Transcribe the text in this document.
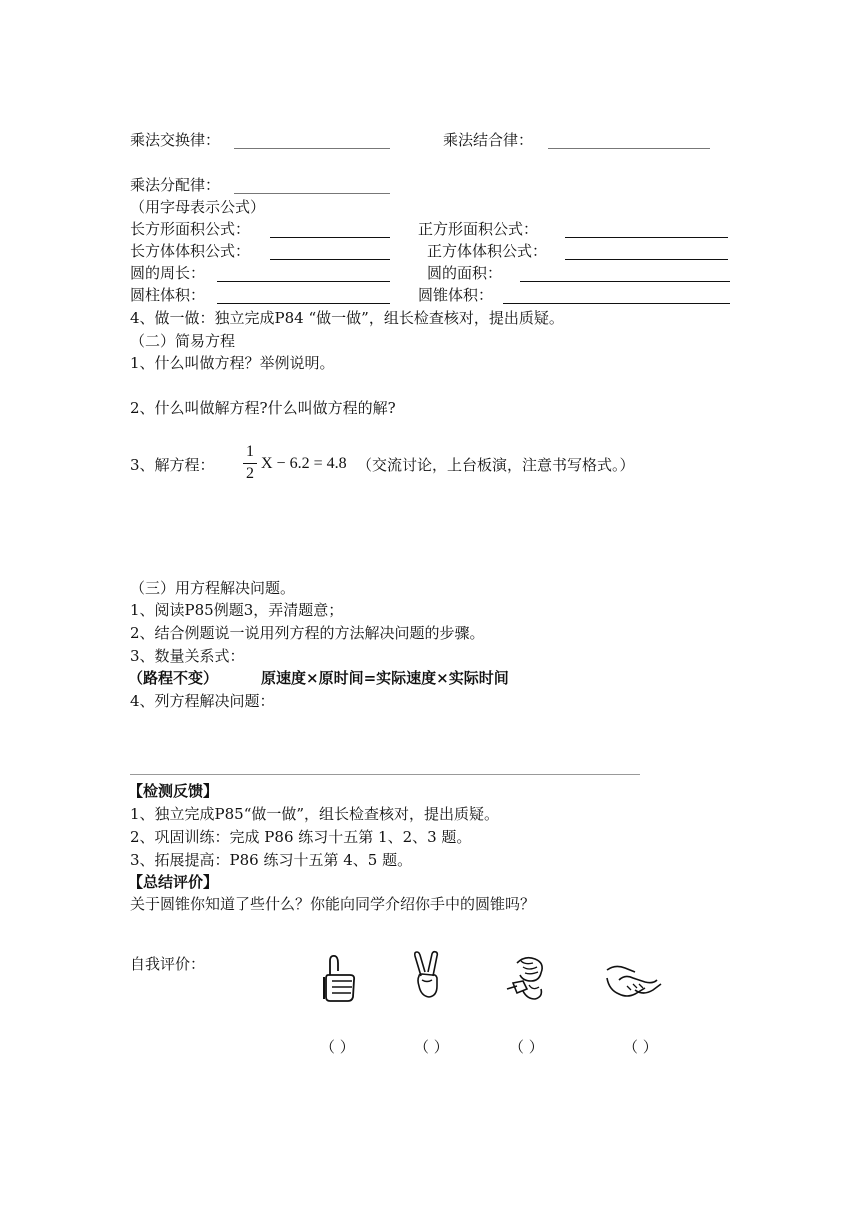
乘法交换律：	乘法结合律：
乘法分配律：
（用字母表示公式）
长方形面积公式：	正方形面积公式：
长方体体积公式：	正方体体积公式：
圆的周长：	圆的面积：
圆柱体积：	圆锥体积：
4、做一做：独立完成P84 “做一做”，组长检查核对，提出质疑。
（二）简易方程
1、什么叫做方程？举例说明。
2、什么叫做解方程?什么叫做方程的解?
3、解方程：
1
2
X − 6.2 = 4.8 （交流讨论，上台板演，注意书写格式。）
（三）用方程解决问题。
1、阅读P85例题3，弄清题意；
2、结合例题说一说用列方程的方法解决问题的步骤。
3、数量关系式：
（路程不变）	原速度×原时间=实际速度×实际时间
4、列方程解决问题：
【检测反馈】
1、独立完成P85“做一做”，组长检查核对，提出质疑。
2、巩固训练：完成 P86 练习十五第 1、2、3 题。
3、拓展提高：P86 练习十五第 4、5 题。
【总结评价】
关于圆锥你知道了些什么？你能向同学介绍你手中的圆锥吗？
自我评价：
（ ）	（ ）	（ ）	（ ）
